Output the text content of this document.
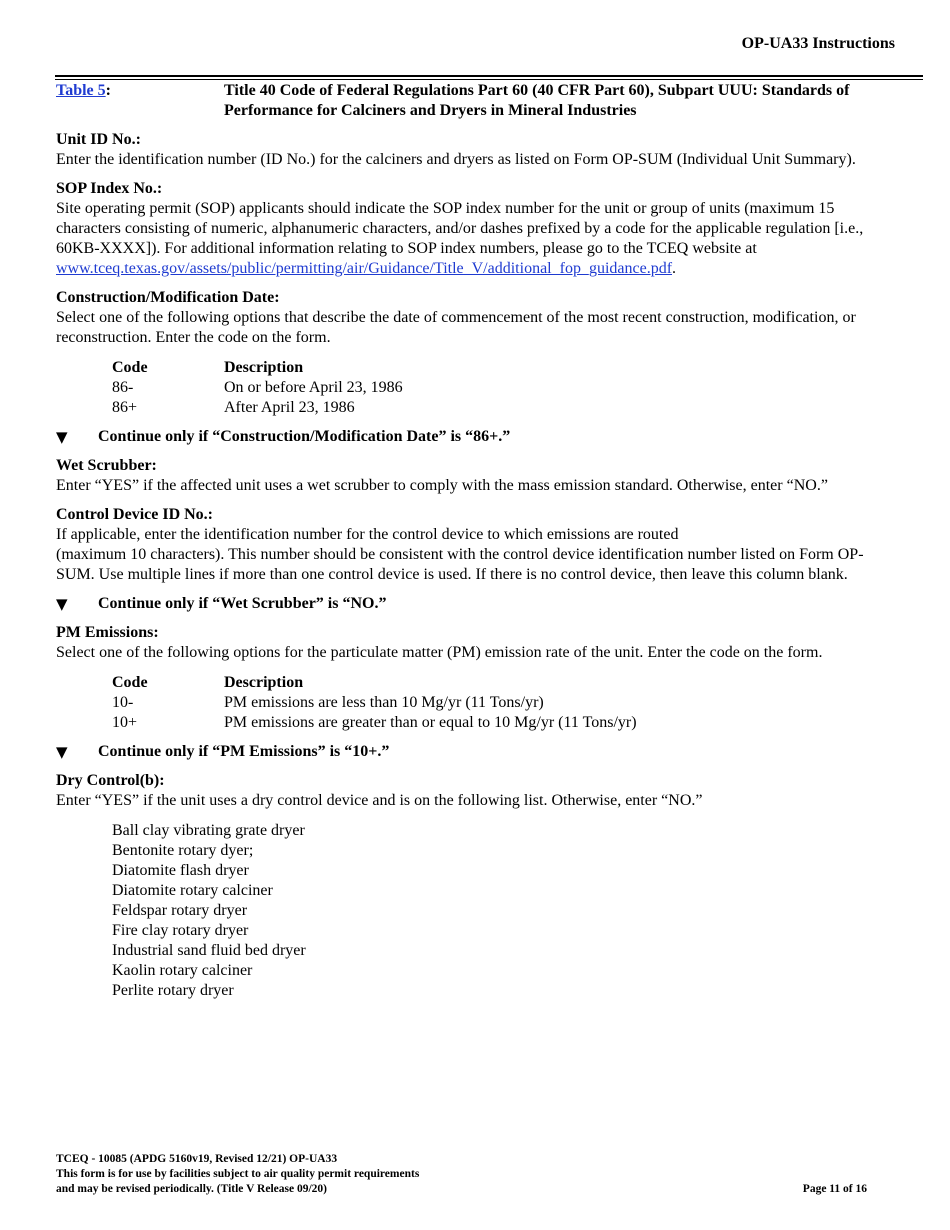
OP-UA33 Instructions
Table 5:	Title 40 Code of Federal Regulations Part 60 (40 CFR Part 60), Subpart UUU: Standards of Performance for Calciners and Dryers in Mineral Industries
Unit ID No.:
Enter the identification number (ID No.) for the calciners and dryers as listed on Form OP-SUM (Individual Unit Summary).
SOP Index No.:
Site operating permit (SOP) applicants should indicate the SOP index number for the unit or group of units (maximum 15 characters consisting of numeric, alphanumeric characters, and/or dashes prefixed by a code for the applicable regulation [i.e., 60KB-XXXX]). For additional information relating to SOP index numbers, please go to the TCEQ website at www.tceq.texas.gov/assets/public/permitting/air/Guidance/Title_V/additional_fop_guidance.pdf.
Construction/Modification Date:
Select one of the following options that describe the date of commencement of the most recent construction, modification, or reconstruction. Enter the code on the form.
Code	Description
86-	On or before April 23, 1986
86+	After April 23, 1986
▼	Continue only if “Construction/Modification Date” is “86+.”
Wet Scrubber:
Enter “YES” if the affected unit uses a wet scrubber to comply with the mass emission standard. Otherwise, enter “NO.”
Control Device ID No.:
If applicable, enter the identification number for the control device to which emissions are routed
(maximum 10 characters). This number should be consistent with the control device identification number listed on Form OP-SUM. Use multiple lines if more than one control device is used. If there is no control device, then leave this column blank.
▼	Continue only if “Wet Scrubber” is “NO.”
PM Emissions:
Select one of the following options for the particulate matter (PM) emission rate of the unit. Enter the code on the form.
Code	Description
10-	PM emissions are less than 10 Mg/yr (11 Tons/yr)
10+	PM emissions are greater than or equal to 10 Mg/yr (11 Tons/yr)
▼	Continue only if “PM Emissions” is “10+.”
Dry Control(b):
Enter “YES” if the unit uses a dry control device and is on the following list. Otherwise, enter “NO.”
Ball clay vibrating grate dryer
Bentonite rotary dyer;
Diatomite flash dryer
Diatomite rotary calciner
Feldspar rotary dryer
Fire clay rotary dryer
Industrial sand fluid bed dryer
Kaolin rotary calciner
Perlite rotary dryer
TCEQ - 10085 (APDG 5160v19, Revised 12/21) OP-UA33
This form is for use by facilities subject to air quality permit requirements
and may be revised periodically. (Title V Release 09/20)	Page 11 of 16
